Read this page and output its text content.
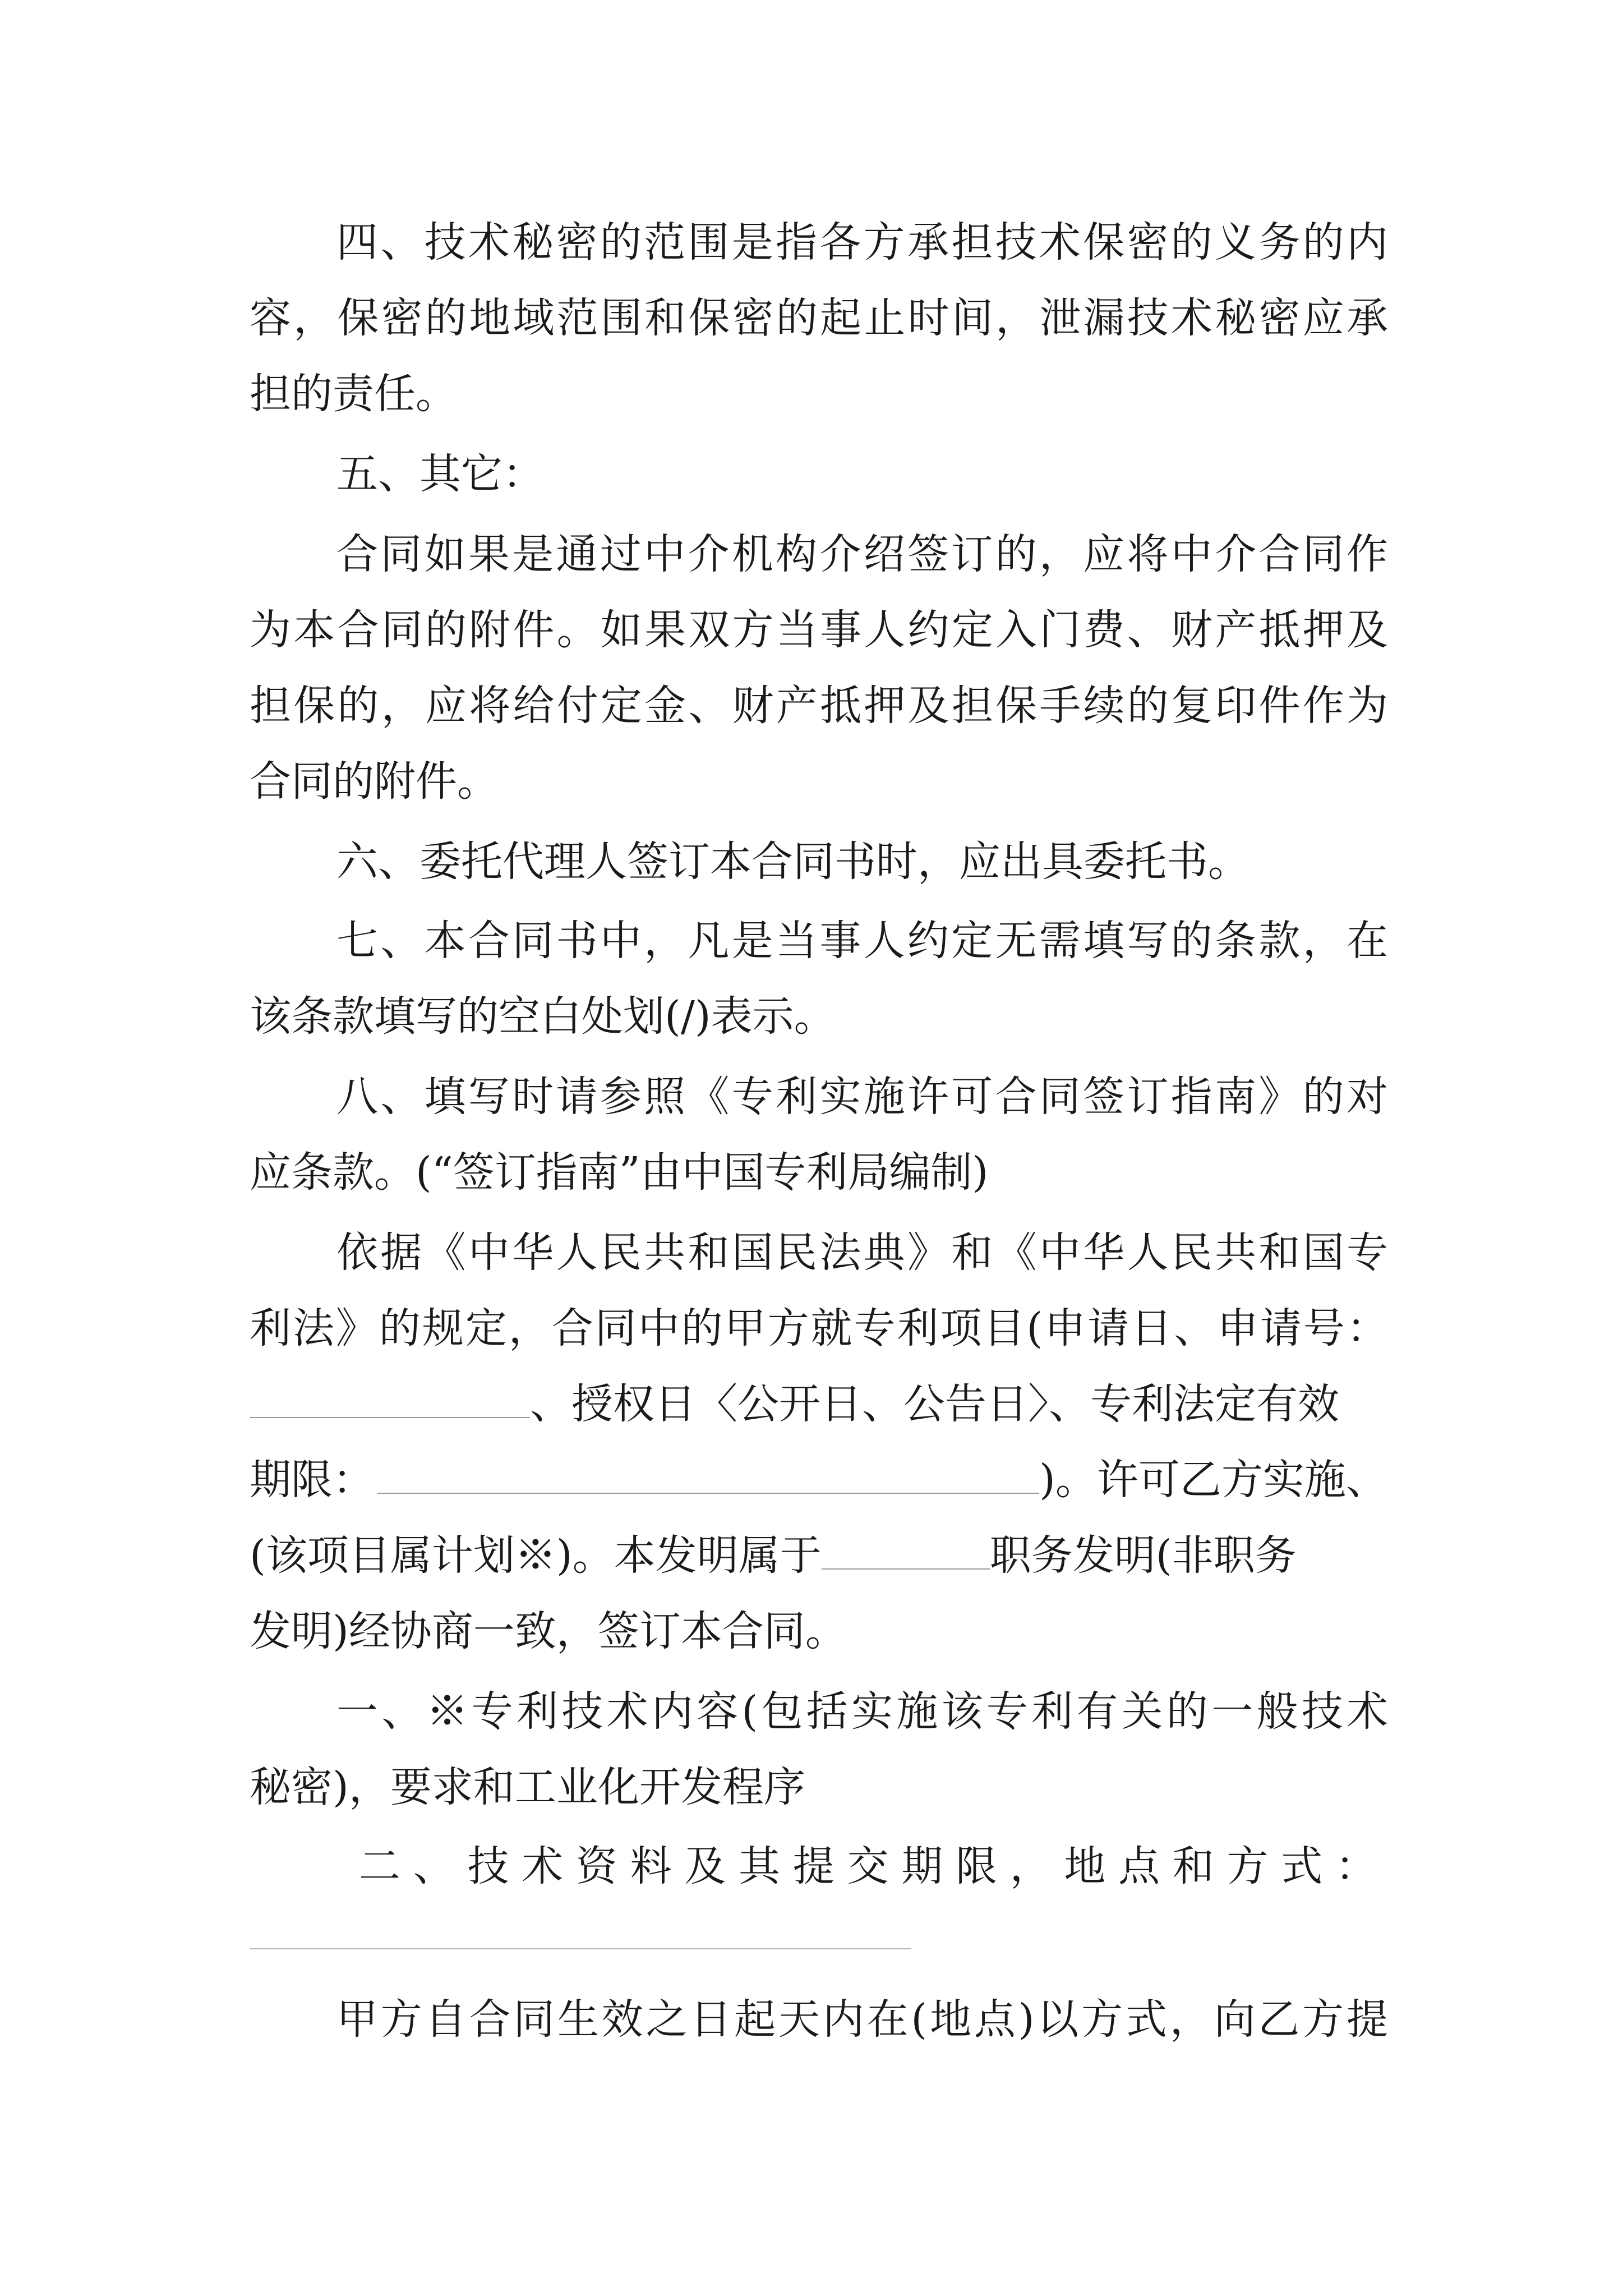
四、技术秘密的范围是指各方承担技术保密的义务的内
容，保密的地域范围和保密的起止时间，泄漏技术秘密应承
担的责任。
五、其它：
合同如果是通过中介机构介绍签订的，应将中介合同作
为本合同的附件。如果双方当事人约定入门费、财产抵押及
担保的，应将给付定金、财产抵押及担保手续的复印件作为
合同的附件。
六、委托代理人签订本合同书时，应出具委托书。
七、本合同书中，凡是当事人约定无需填写的条款，在
该条款填写的空白处划(/)表示。
八、填写时请参照《专利实施许可合同签订指南》的对
应条款。(“签订指南”由中国专利局编制)
依据《中华人民共和国民法典》和《中华人民共和国专
利法》的规定，合同中的甲方就专利项目(申请日、申请号：
、授权日〈公开日、公告日〉、专利法定有效
期限：	)。许可乙方实施、
(该项目属计划※)。本发明属于	职务发明(非职务
发明)经协商一致，签订本合同。
一、※专利技术内容(包括实施该专利有关的一般技术
秘密)，要求和工业化开发程序
二、技术资料及其提交期限，地点和方式：
甲方自合同生效之日起天内在(地点)以方式，向乙方提
